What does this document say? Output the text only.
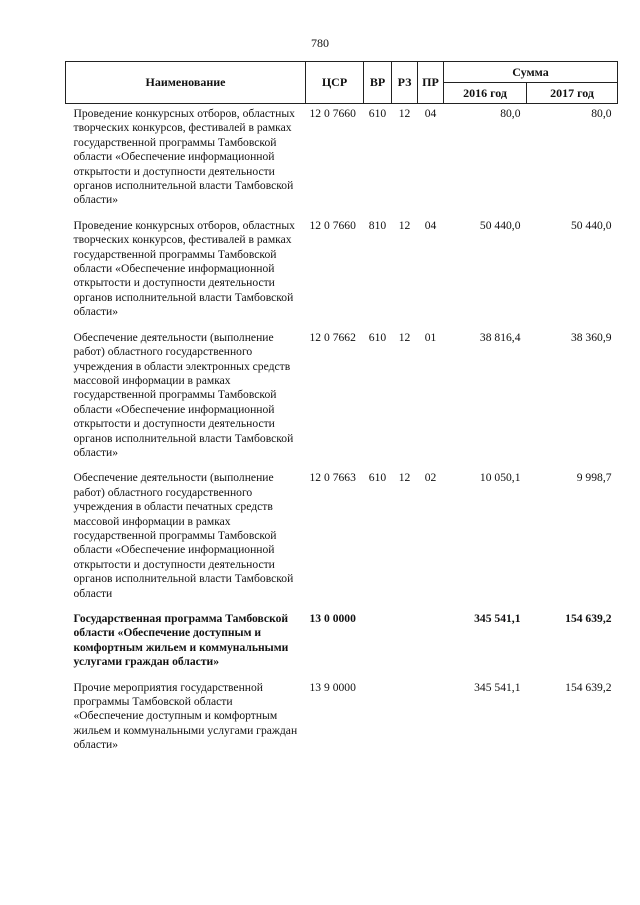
780
Наименование	ЦСР	ВР	РЗ	ПР	Сумма	
					2016 год	2017 год
Проведение конкурсных отборов, областных творческих конкурсов, фестивалей в рамках государственной программы Тамбовской области «Обеспечение информационной открытости и доступности деятельности органов исполнительной власти Тамбовской области»	12 0 7660	610	12	04	80,0	80,0
Проведение конкурсных отборов, областных творческих конкурсов, фестивалей в рамках государственной программы Тамбовской области «Обеспечение информационной открытости и доступности деятельности органов исполнительной власти Тамбовской области»	12 0 7660	810	12	04	50 440,0	50 440,0
Обеспечение деятельности (выполнение работ) областного государственного учреждения в области электронных средств массовой информации в рамках государственной программы Тамбовской области «Обеспечение информационной открытости и доступности деятельности органов исполнительной власти Тамбовской области»	12 0 7662	610	12	01	38 816,4	38 360,9
Обеспечение деятельности (выполнение работ) областного государственного учреждения в области печатных средств массовой информации в рамках государственной программы Тамбовской области «Обеспечение информационной открытости и доступности деятельности органов исполнительной власти Тамбовской области	12 0 7663	610	12	02	10 050,1	9 998,7
Государственная программа Тамбовской области «Обеспечение доступным и комфортным жильем и коммунальными услугами граждан области»	13 0 0000				345 541,1	154 639,2
Прочие мероприятия государственной программы Тамбовской области «Обеспечение доступным и комфортным жильем и коммунальными услугами граждан области»	13 9 0000				345 541,1	154 639,2
